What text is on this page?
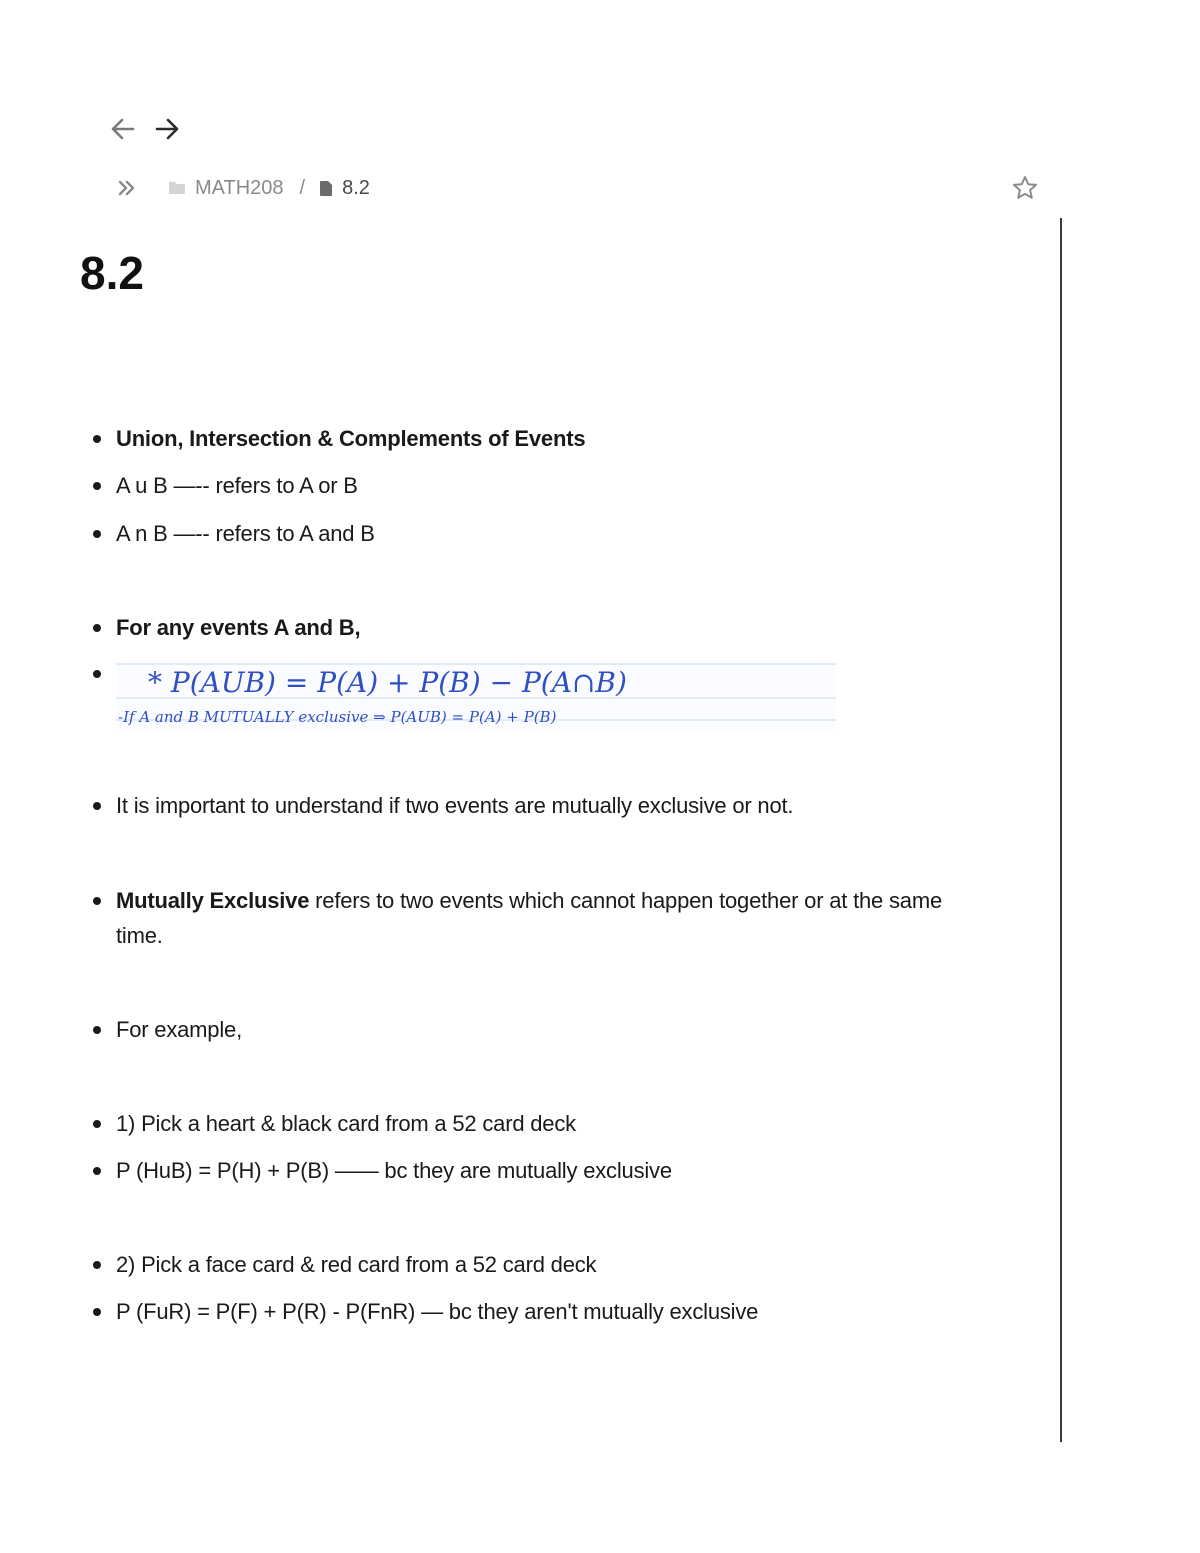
MATH208 / 8.2
8.2
Union, Intersection & Complements of Events
A u B —-- refers to A or B
A n B —-- refers to A and B
For any events A and B,
* P(AUB) = P(A) + P(B) − P(A∩B)
-If A and B MUTUALLY exclusive ⇒ P(AUB) = P(A) + P(B)
It is important to understand if two events are mutually exclusive or not.
Mutually Exclusive refers to two events which cannot happen together or at the same time.
For example,
1) Pick a heart & black card from a 52 card deck
P (HuB) = P(H) + P(B) —— bc they are mutually exclusive
2) Pick a face card & red card from a 52 card deck
P (FuR) = P(F) + P(R) - P(FnR) — bc they aren't mutually exclusive
